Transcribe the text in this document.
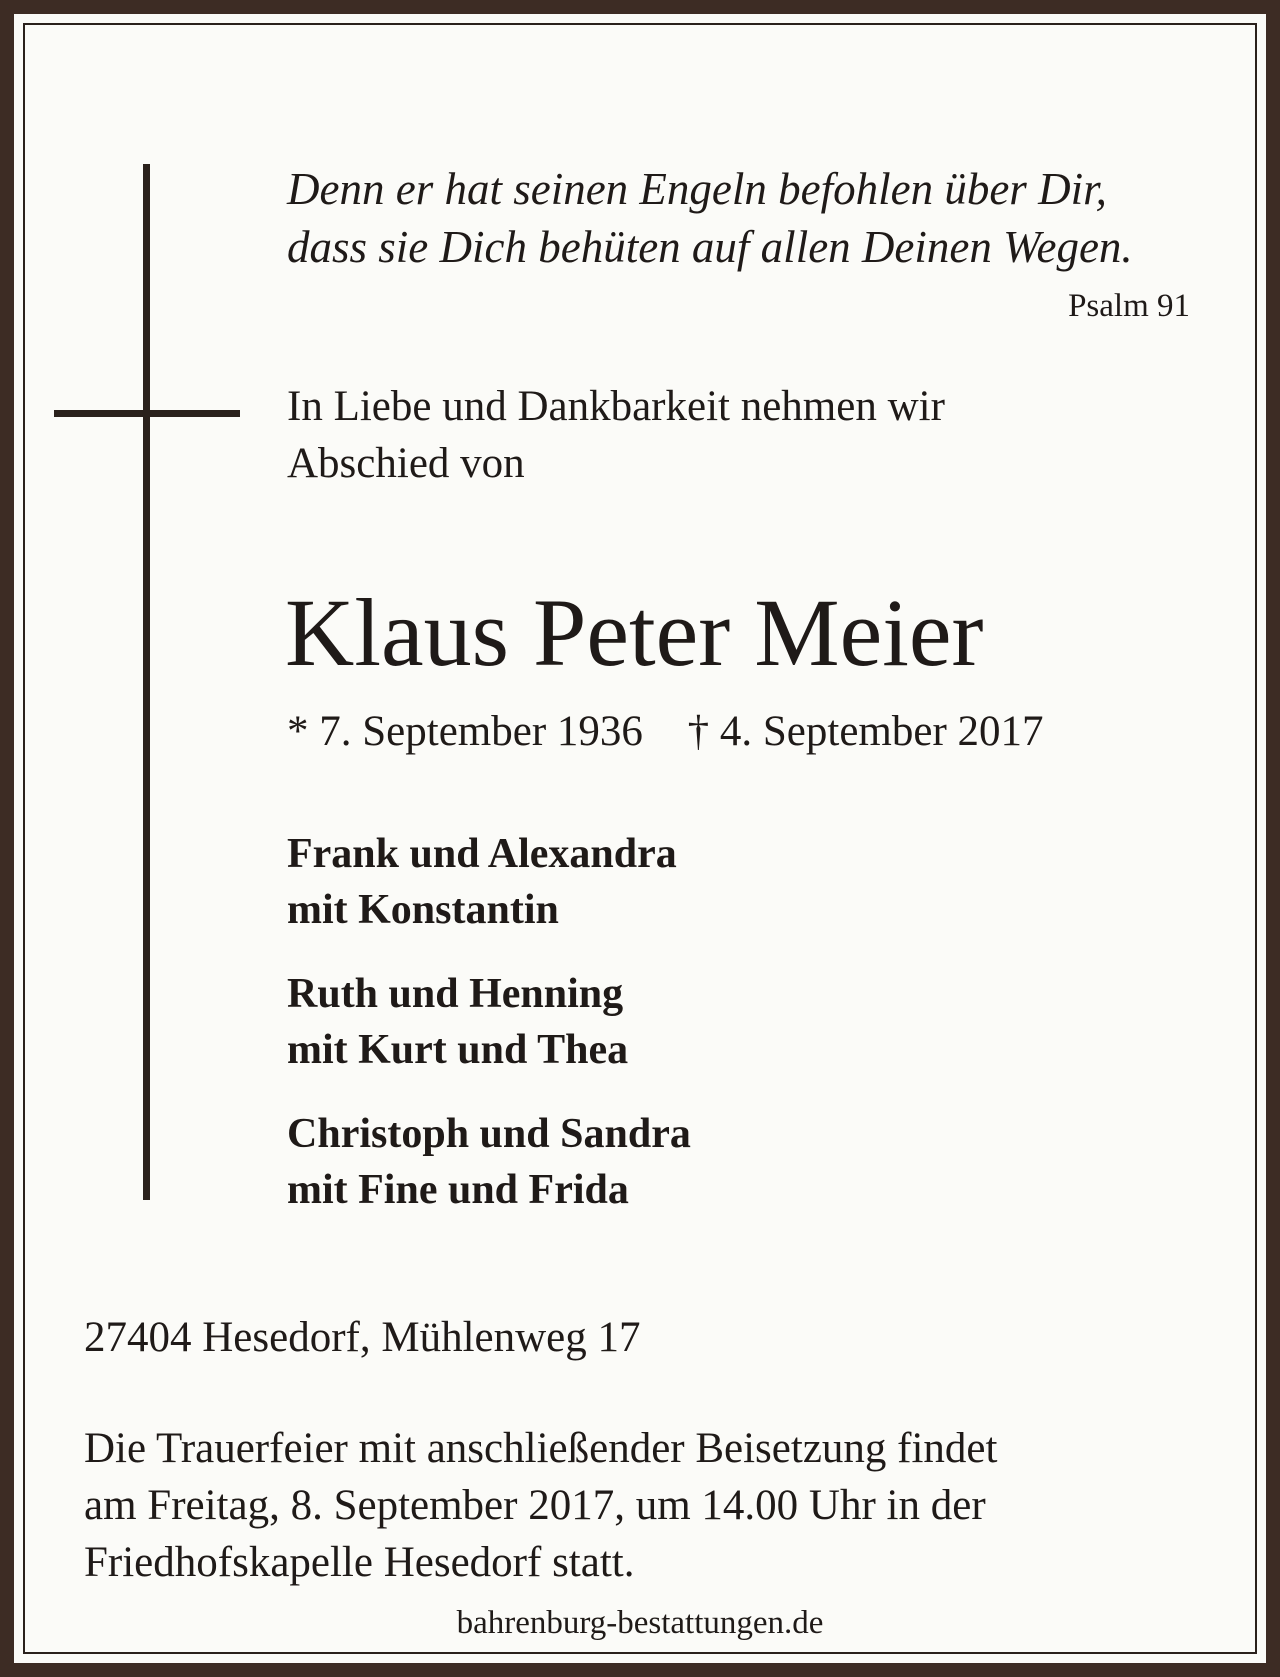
Denn er hat seinen Engeln befohlen über Dir,
dass sie Dich behüten auf allen Deinen Wegen.
Psalm 91
In Liebe und Dankbarkeit nehmen wir
Abschied von
Klaus Peter Meier
* 7. September 1936 † 4. September 2017
Frank und Alexandra
mit Konstantin
Ruth und Henning
mit Kurt und Thea
Christoph und Sandra
mit Fine und Frida
27404 Hesedorf, Mühlenweg 17
Die Trauerfeier mit anschließender Beisetzung findet
am Freitag, 8. September 2017, um 14.00 Uhr in der
Friedhofskapelle Hesedorf statt.
bahrenburg-bestattungen.de
